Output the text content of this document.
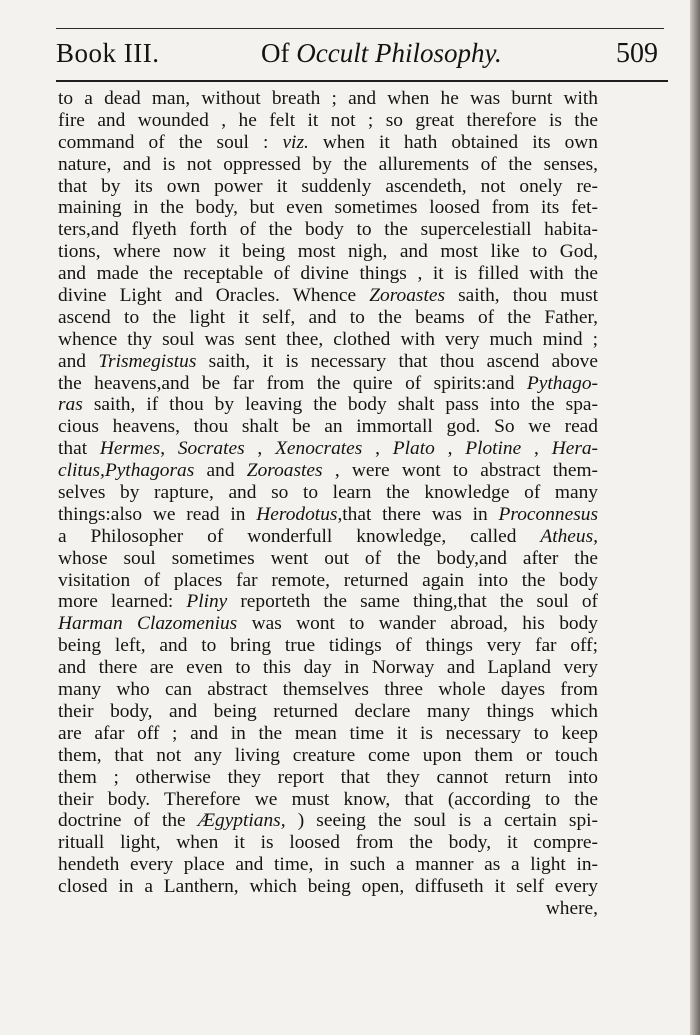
Book III.	Of Occult Philosophy.	509
to a dead man, without breath ; and when he was burnt with
fire and wounded , he felt it not ; so great therefore is the
command of the soul : viz. when it hath obtained its own
nature, and is not oppressed by the allurements of the senses,
that by its own power it suddenly ascendeth, not onely re-
maining in the body, but even sometimes loosed from its fet-
ters,and flyeth forth of the body to the supercelestiall habita-
tions, where now it being most nigh, and most like to God,
and made the receptable of divine things , it is filled with the
divine Light and Oracles. Whence Zoroastes saith, thou must
ascend to the light it self, and to the beams of the Father,
whence thy soul was sent thee, clothed with very much mind ;
and Trismegistus saith, it is necessary that thou ascend above
the heavens,and be far from the quire of spirits:and Pythago-
ras saith, if thou by leaving the body shalt pass into the spa-
cious heavens, thou shalt be an immortall god. So we read
that Hermes, Socrates , Xenocrates , Plato , Plotine , Hera-
clitus,Pythagoras and Zoroastes , were wont to abstract them-
selves by rapture, and so to learn the knowledge of many
things:also we read in Herodotus,that there was in Proconnesus
a Philosopher of wonderfull knowledge, called Atheus,
whose soul sometimes went out of the body,and after the
visitation of places far remote, returned again into the body
more learned: Pliny reporteth the same thing,that the soul of
Harman Clazomenius was wont to wander abroad, his body
being left, and to bring true tidings of things very far off;
and there are even to this day in Norway and Lapland very
many who can abstract themselves three whole dayes from
their body, and being returned declare many things which
are afar off ; and in the mean time it is necessary to keep
them, that not any living creature come upon them or touch
them ; otherwise they report that they cannot return into
their body. Therefore we must know, that (according to the
doctrine of the Ægyptians, ) seeing the soul is a certain spi-
rituall light, when it is loosed from the body, it compre-
hendeth every place and time, in such a manner as a light in-
closed in a Lanthern, which being open, diffuseth it self every
where,
